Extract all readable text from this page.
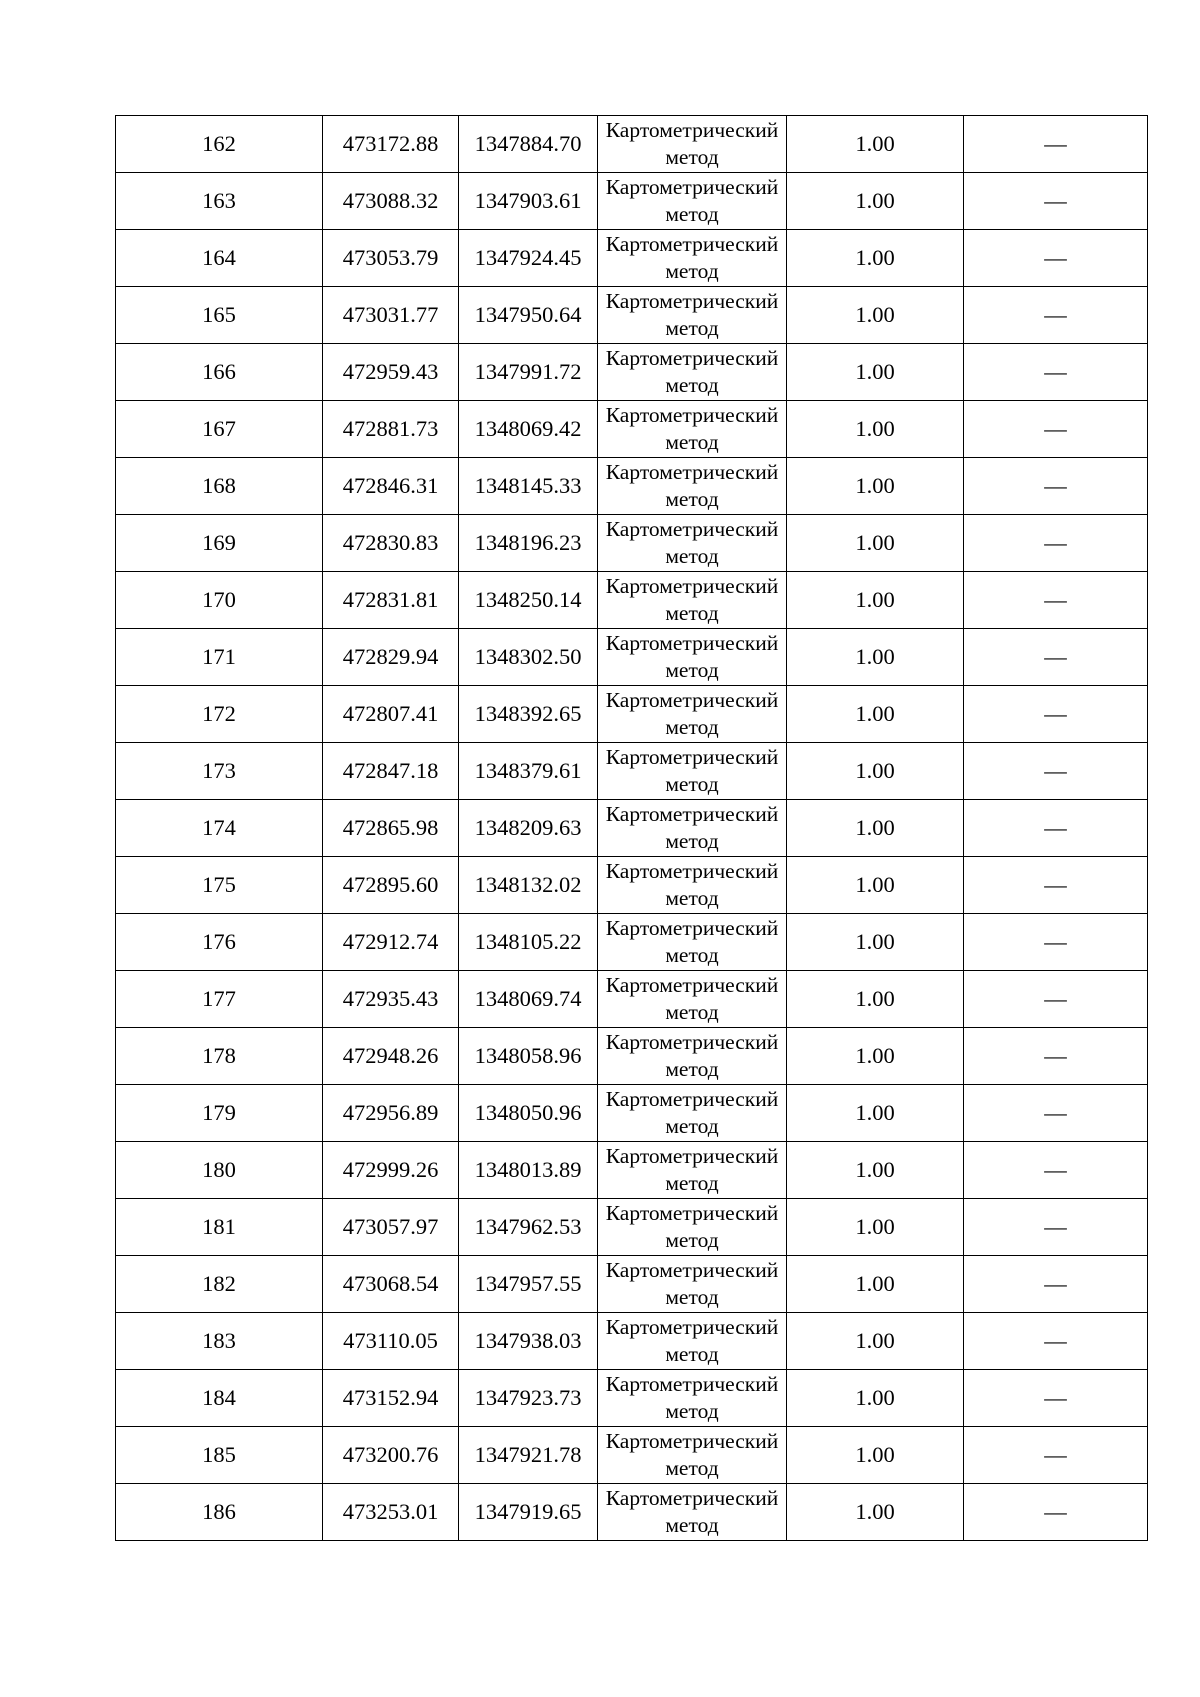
162	473172.88	1347884.70	Картометрический метод	1.00	—
163	473088.32	1347903.61	Картометрический метод	1.00	—
164	473053.79	1347924.45	Картометрический метод	1.00	—
165	473031.77	1347950.64	Картометрический метод	1.00	—
166	472959.43	1347991.72	Картометрический метод	1.00	—
167	472881.73	1348069.42	Картометрический метод	1.00	—
168	472846.31	1348145.33	Картометрический метод	1.00	—
169	472830.83	1348196.23	Картометрический метод	1.00	—
170	472831.81	1348250.14	Картометрический метод	1.00	—
171	472829.94	1348302.50	Картометрический метод	1.00	—
172	472807.41	1348392.65	Картометрический метод	1.00	—
173	472847.18	1348379.61	Картометрический метод	1.00	—
174	472865.98	1348209.63	Картометрический метод	1.00	—
175	472895.60	1348132.02	Картометрический метод	1.00	—
176	472912.74	1348105.22	Картометрический метод	1.00	—
177	472935.43	1348069.74	Картометрический метод	1.00	—
178	472948.26	1348058.96	Картометрический метод	1.00	—
179	472956.89	1348050.96	Картометрический метод	1.00	—
180	472999.26	1348013.89	Картометрический метод	1.00	—
181	473057.97	1347962.53	Картометрический метод	1.00	—
182	473068.54	1347957.55	Картометрический метод	1.00	—
183	473110.05	1347938.03	Картометрический метод	1.00	—
184	473152.94	1347923.73	Картометрический метод	1.00	—
185	473200.76	1347921.78	Картометрический метод	1.00	—
186	473253.01	1347919.65	Картометрический метод	1.00	—
